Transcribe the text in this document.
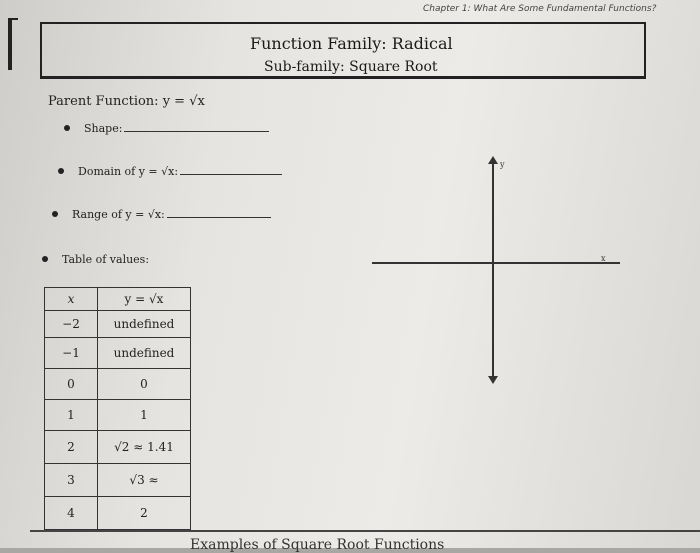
Chapter 1: What Are Some Fundamental Functions?
Function Family: Radical
Sub-family: Square Root
Parent Function: y = √x
Shape:
Domain of y = √x:
Range of y = √x:
Table of values:
x	y = √x
−2	undefined
−1	undefined
0	0
1	1
2	√2 ≈ 1.41
3	√3 ≈
4	2
y
x
Examples of Square Root Functions
